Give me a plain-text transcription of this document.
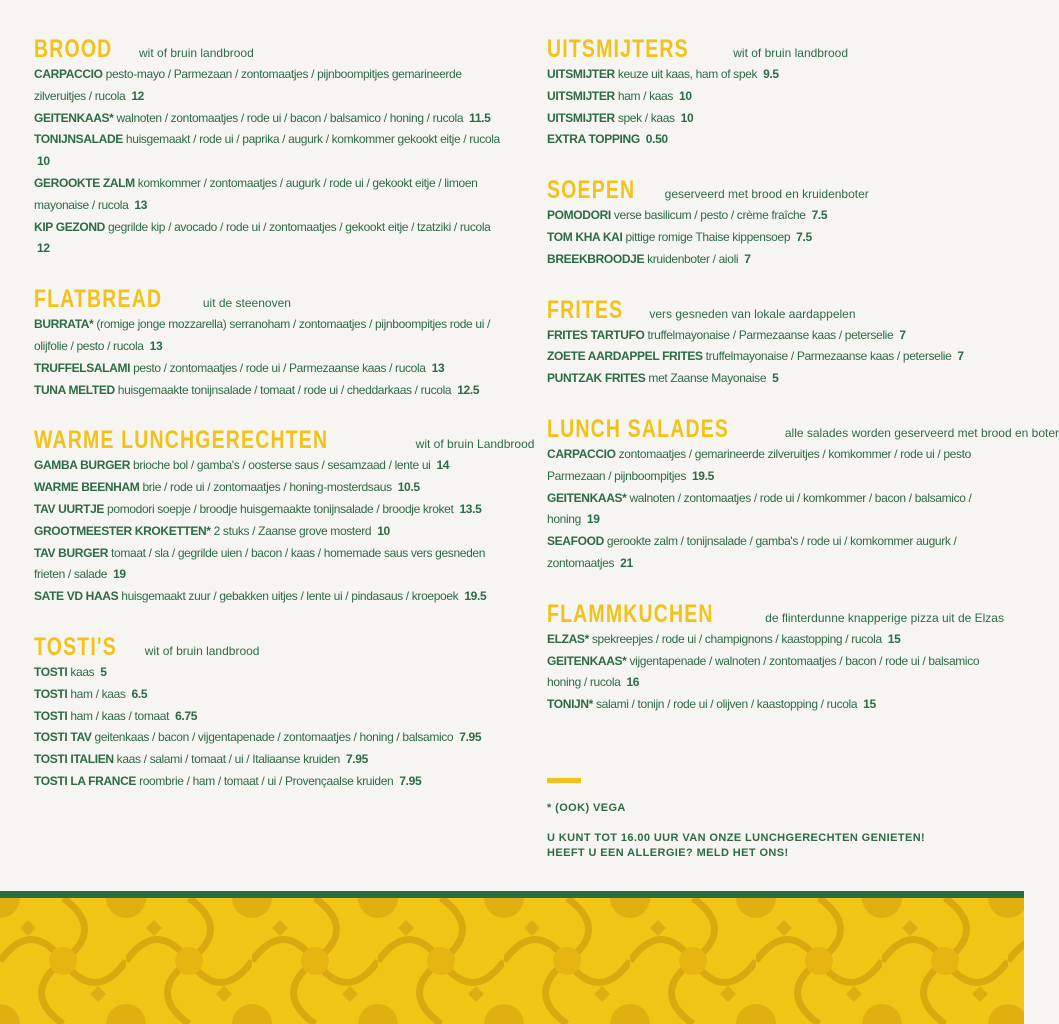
BROOD wit of bruin landbrood
CARPACCIO pesto-mayo / Parmezaan / zontomaatjes / pijnboompitjes gemarineerde zilveruitjes / rucola 12
GEITENKAAS* walnoten / zontomaatjes / rode ui / bacon / balsamico / honing / rucola 11.5
TONIJNSALADE huisgemaakt / rode ui / paprika / augurk / komkommer gekookt eitje / rucola 10
GEROOKTE ZALM komkommer / zontomaatjes / augurk / rode ui / gekookt eitje / limoen mayonaise / rucola 13
KIP GEZOND gegrilde kip / avocado / rode ui / zontomaatjes / gekookt eitje / tzatziki / rucola 12
FLATBREAD	uit de steenoven
BURRATA* (romige jonge mozzarella) serranoham / zontomaatjes / pijnboompitjes rode ui / olijfolie / pesto / rucola 13
TRUFFELSALAMI pesto / zontomaatjes / rode ui / Parmezaanse kaas / rucola 13
TUNA MELTED huisgemaakte tonijnsalade / tomaat / rode ui / cheddarkaas / rucola 12.5
WARME LUNCHGERECHTEN	wit of bruin Landbrood
GAMBA BURGER brioche bol / gamba's / oosterse saus / sesamzaad / lente ui 14
WARME BEENHAM brie / rode ui / zontomaatjes / honing-mosterdsaus 10.5
TAV UURTJE pomodori soepje / broodje huisgemaakte tonijnsalade / broodje kroket 13.5
GROOTMEESTER KROKETTEN* 2 stuks / Zaanse grove mosterd 10
TAV BURGER tomaat / sla / gegrilde uien / bacon / kaas / homemade saus vers gesneden frieten / salade 19
SATE VD HAAS huisgemaakt zuur / gebakken uitjes / lente ui / pindasaus / kroepoek 19.5
TOSTI'S wit of bruin landbrood
TOSTI kaas 5
TOSTI ham / kaas 6.5
TOSTI ham / kaas / tomaat 6.75
TOSTI TAV geitenkaas / bacon / vijgentapenade / zontomaatjes / honing / balsamico 7.95
TOSTI ITALIEN kaas / salami / tomaat / ui / Italiaanse kruiden 7.95
TOSTI LA FRANCE roombrie / ham / tomaat / ui / Provençaalse kruiden 7.95
UITSMIJTERS	wit of bruin landbrood
UITSMIJTER keuze uit kaas, ham of spek 9.5
UITSMIJTER ham / kaas 10
UITSMIJTER spek / kaas 10
EXTRA TOPPING 0.50
SOEPEN geserveerd met brood en kruidenboter
POMODORI verse basilicum / pesto / crème fraîche 7.5
TOM KHA KAI pittige romige Thaise kippensoep 7.5
BREEKBROODJE kruidenboter / aioli 7
FRITES vers gesneden van lokale aardappelen
FRITES TARTUFO truffelmayonaise / Parmezaanse kaas / peterselie 7
ZOETE AARDAPPEL FRITES truffelmayonaise / Parmezaanse kaas / peterselie 7
PUNTZAK FRITES met Zaanse Mayonaise 5
LUNCH SALADES	alle salades worden geserveerd met brood en boter
CARPACCIO zontomaatjes / gemarineerde zilveruitjes / komkommer / rode ui / pesto Parmezaan / pijnboompitjes 19.5
GEITENKAAS* walnoten / zontomaatjes / rode ui / komkommer / bacon / balsamico / honing 19
SEAFOOD gerookte zalm / tonijnsalade / gamba's / rode ui / komkommer augurk / zontomaatjes 21
FLAMMKUCHEN	de flinterdunne knapperige pizza uit de Elzas
ELZAS* spekreepjes / rode ui / champignons / kaastopping / rucola 15
GEITENKAAS* vijgentapenade / walnoten / zontomaatjes / bacon / rode ui / balsamico honing / rucola 16
TONIJN* salami / tonijn / rode ui / olijven / kaastopping / rucola 15
* (OOK) VEGA
U KUNT TOT 16.00 UUR VAN ONZE LUNCHGERECHTEN GENIETEN!
HEEFT U EEN ALLERGIE? MELD HET ONS!
